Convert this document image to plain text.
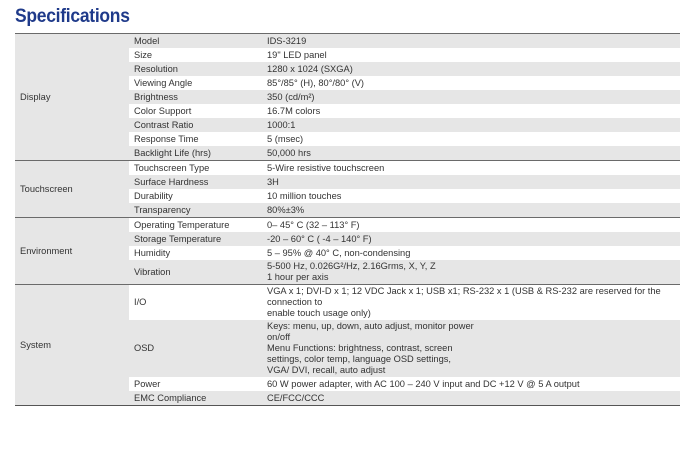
Specifications
Display	Model	IDS-3219
	Size	19" LED panel
	Resolution	1280 x 1024 (SXGA)
	Viewing Angle	85°/85° (H), 80°/80° (V)
	Brightness	350 (cd/m²)
	Color Support	16.7M colors
	Contrast Ratio	1000:1
	Response Time	5 (msec)
	Backlight Life (hrs)	50,000 hrs
Touchscreen	Touchscreen Type	5-Wire resistive touchscreen
	Surface Hardness	3H
	Durability	10 million touches
	Transparency	80%±3%
Environment	Operating Temperature	0– 45° C (32 – 113° F)
	Storage Temperature	-20 – 60° C ( -4 – 140° F)
	Humidity	5 – 95% @ 40° C, non-condensing
	Vibration	5-500 Hz, 0.026G²/Hz, 2.16Grms, X, Y, Z
1 hour per axis
System	I/O	VGA x 1; DVI-D x 1; 12 VDC Jack x 1; USB x1; RS-232 x 1 (USB & RS-232 are reserved for the connection to
enable touch usage only)
	OSD	Keys: menu, up, down, auto adjust, monitor power
on/off
Menu Functions: brightness, contrast, screen
settings, color temp, language OSD settings,
VGA/ DVI, recall, auto adjust
	Power	60 W power adapter, with AC 100 – 240 V input and DC +12 V @ 5 A output
	EMC Compliance	CE/FCC/CCC
